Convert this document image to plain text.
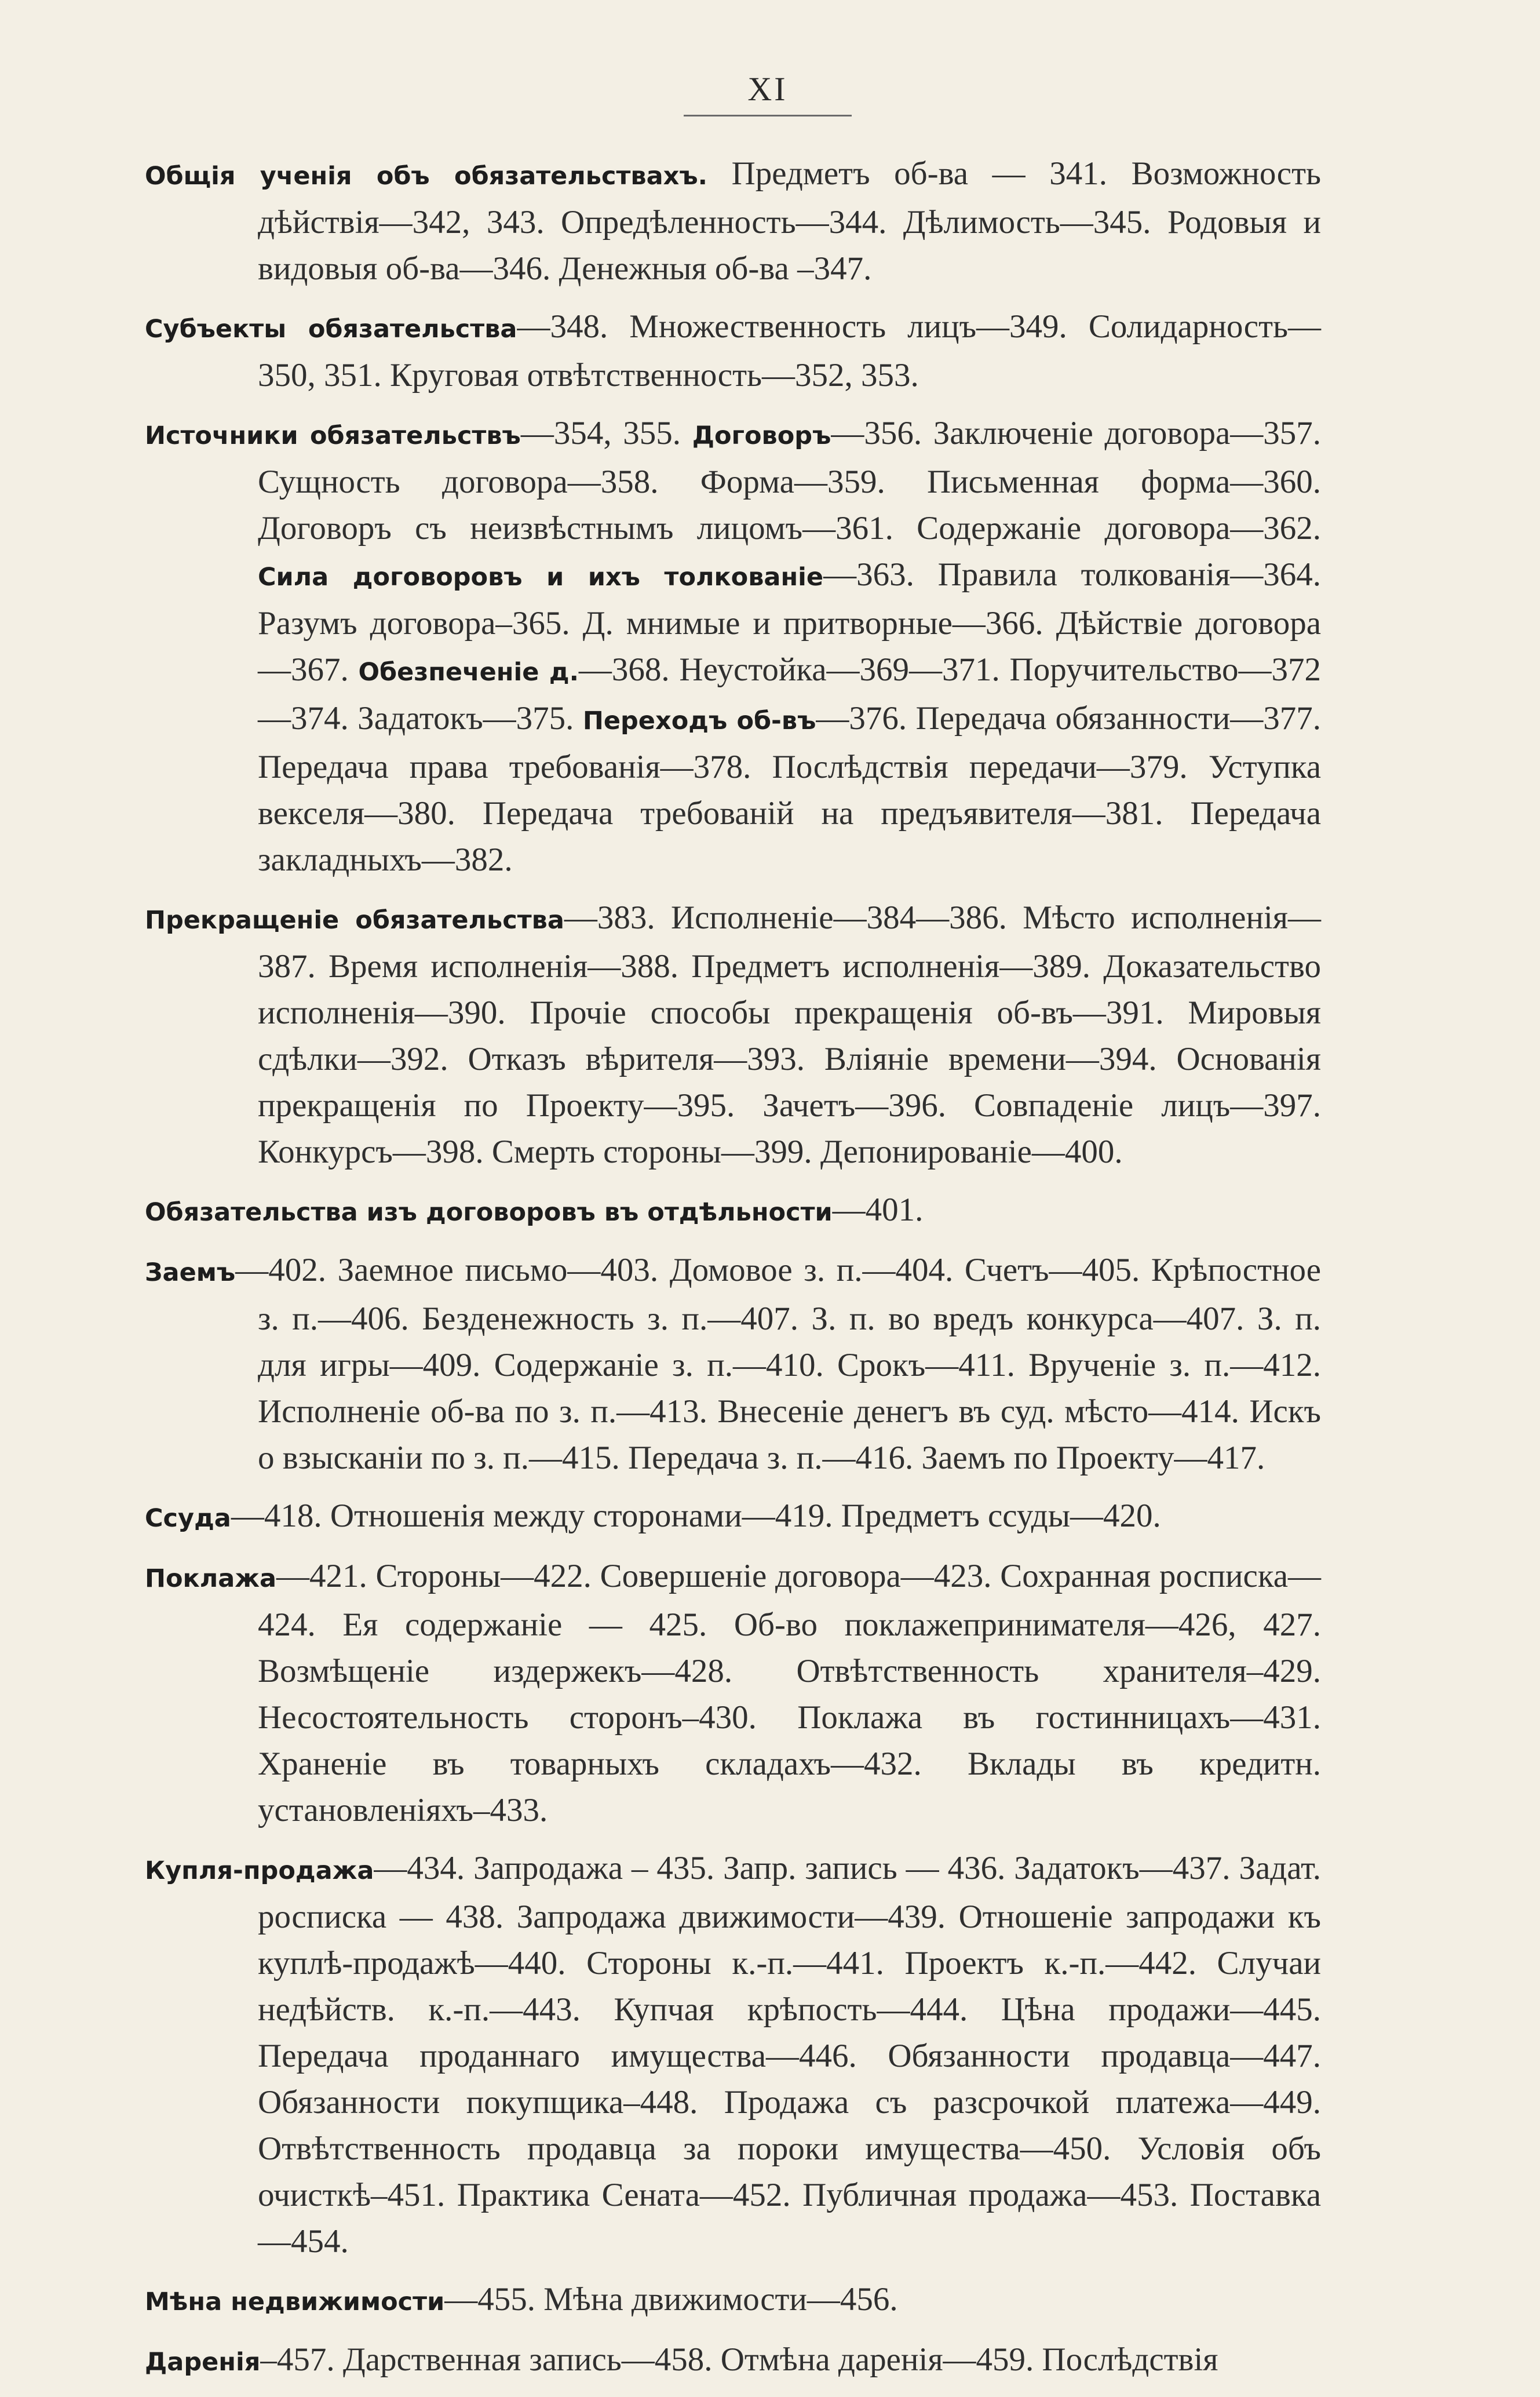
XI

Общія ученія объ обязательствахъ. Предметъ об-ва — 341. Возможность дѣйствія—342, 343. Опредѣленность—344. Дѣлимость—345. Родовыя и видовыя об-ва—346. Денежныя об-ва –347.

Субъекты обязательства—348. Множественность лицъ—349. Солидарность—350, 351. Круговая отвѣтственность—352, 353.

Источники обязательствъ—354, 355. Договоръ—356. Заключеніе договора—357. Сущность договора—358. Форма—359. Письменная форма—360. Договоръ съ неизвѣстнымъ лицомъ—361. Содержаніе договора—362. Сила договоровъ и ихъ толкованіе—363. Правила толкованія—364. Разумъ договора–365. Д. мнимые и притворные—366. Дѣйствіе договора—367. Обезпеченіе д.—368. Неустойка—369—371. Поручительство—372—374. Задатокъ—375. Переходъ об-въ—376. Передача обязанности—377. Передача права требованія—378. Послѣдствія передачи—379. Уступка векселя—380. Передача требованій на предъявителя—381. Передача закладныхъ—382.

Прекращеніе обязательства—383. Исполненіе—384—386. Мѣсто исполненія—387. Время исполненія—388. Предметъ исполненія—389. Доказательство исполненія—390. Прочіе способы прекращенія об-въ—391. Мировыя сдѣлки—392. Отказъ вѣрителя—393. Вліяніе времени—394. Основанія прекращенія по Проекту—395. Зачетъ—396. Совпаденіе лицъ—397. Конкурсъ—398. Смерть стороны—399. Депонированіе—400.

Обязательства изъ договоровъ въ отдѣльности—401.

Заемъ—402. Заемное письмо—403. Домовое з. п.—404. Счетъ—405. Крѣпостное з. п.—406. Безденежность з. п.—407. З. п. во вредъ конкурса—407. З. п. для игры—409. Содержаніе з. п.—410. Срокъ—411. Врученіе з. п.—412. Исполненіе об-ва по з. п.—413. Внесеніе денегъ въ суд. мѣсто—414. Искъ о взысканіи по з. п.—415. Передача з. п.—416. Заемъ по Проекту—417.

Ссуда—418. Отношенія между сторонами—419. Предметъ ссуды—420.

Поклажа—421. Стороны—422. Совершеніе договора—423. Сохранная росписка—424. Ея содержаніе — 425. Об-во поклажепринимателя—426, 427. Возмѣщеніе издержекъ—428. Отвѣтственность хранителя–429. Несостоятельность сторонъ–430. Поклажа въ гостинницахъ—431. Храненіе въ товарныхъ складахъ—432. Вклады въ кредитн. установленіяхъ–433.

Купля-продажа—434. Запродажа – 435. Запр. запись — 436. Задатокъ—437. Задат. росписка — 438. Запродажа движимости—439. Отношеніе запродажи къ куплѣ-продажѣ—440. Стороны к.-п.—441. Проектъ к.-п.—442. Случаи недѣйств. к.-п.—443. Купчая крѣпость—444. Цѣна продажи—445. Передача проданнаго имущества—446. Обязанности продавца—447. Обязанности покупщика–448. Продажа съ разсрочкой платежа—449. Отвѣтственность продавца за пороки имущества—450. Условія объ очисткѣ–451. Практика Сената—452. Публичная продажа—453. Поставка—454.

Мѣна недвижимости—455. Мѣна движимости—456.

Даренія–457. Дарственная запись—458. Отмѣна даренія—459. Послѣдствія
